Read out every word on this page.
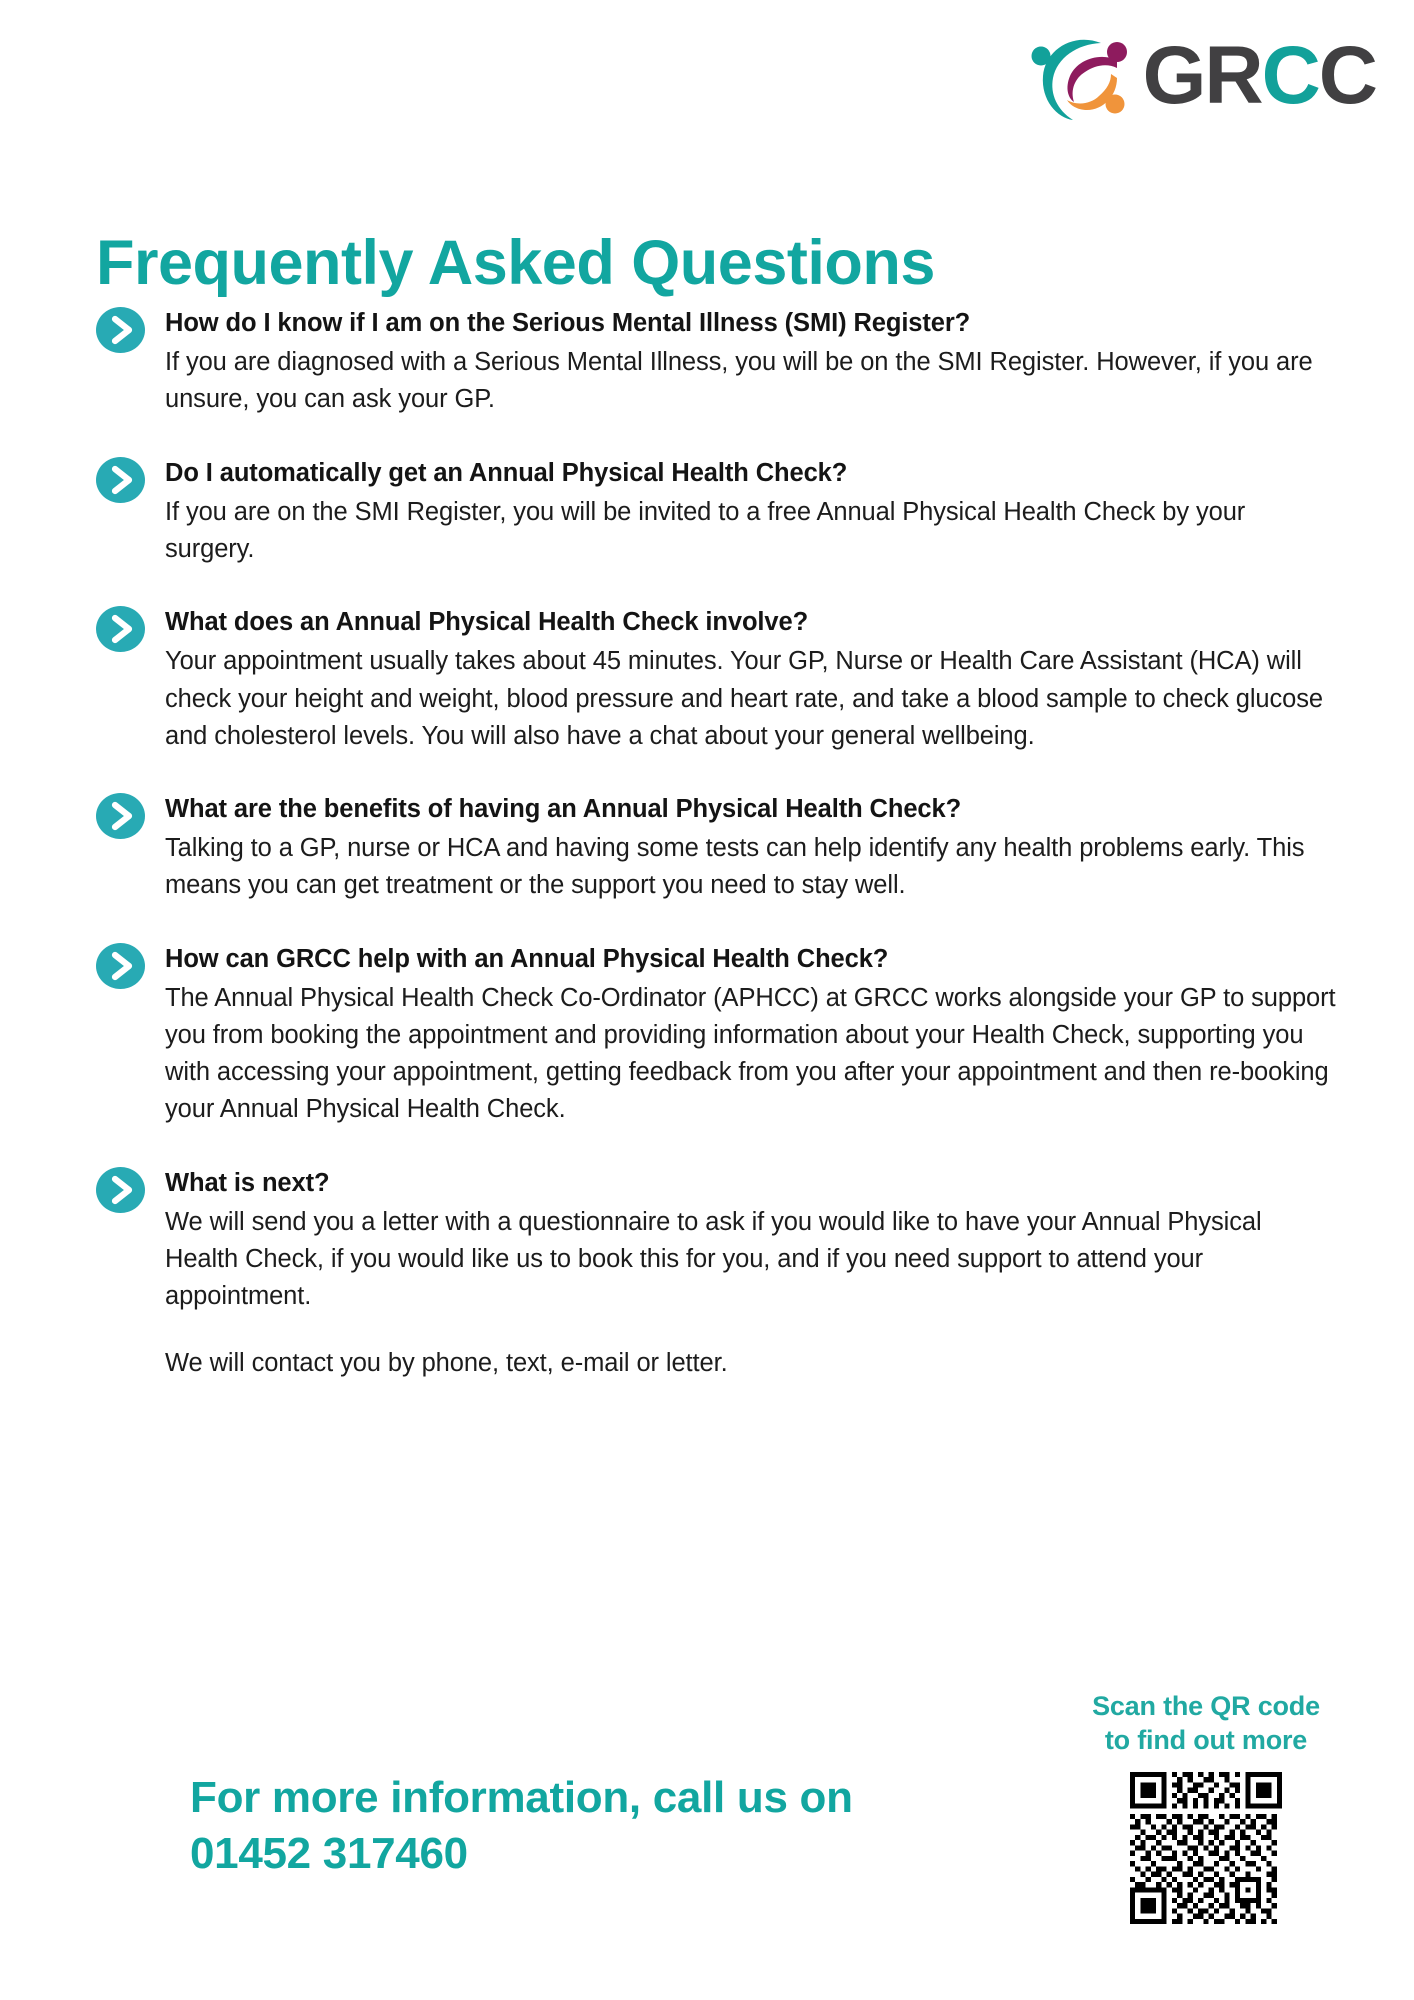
GRCC
Frequently Asked Questions

How do I know if I am on the Serious Mental Illness (SMI) Register?

If you are diagnosed with a Serious Mental Illness, you will be on the SMI Register. However, if you are unsure, you can ask your GP.

Do I automatically get an Annual Physical Health Check?

If you are on the SMI Register, you will be invited to a free Annual Physical Health Check by your surgery.

What does an Annual Physical Health Check involve?

Your appointment usually takes about 45 minutes. Your GP, Nurse or Health Care Assistant (HCA) will check your height and weight, blood pressure and heart rate, and take a blood sample to check glucose and cholesterol levels. You will also have a chat about your general wellbeing.

What are the benefits of having an Annual Physical Health Check?

Talking to a GP, nurse or HCA and having some tests can help identify any health problems early. This means you can get treatment or the support you need to stay well.

How can GRCC help with an Annual Physical Health Check?

The Annual Physical Health Check Co-Ordinator (APHCC) at GRCC works alongside your GP to support you from booking the appointment and providing information about your Health Check, supporting you with accessing your appointment, getting feedback from you after your appointment and then re-booking your Annual Physical Health Check.

What is next?

We will send you a letter with a questionnaire to ask if you would like to have your Annual Physical Health Check, if you would like us to book this for you, and if you need support to attend your appointment.

We will contact you by phone, text, e-mail or letter.

For more information, call us on
01452 317460
Scan the QR code
to find out more
